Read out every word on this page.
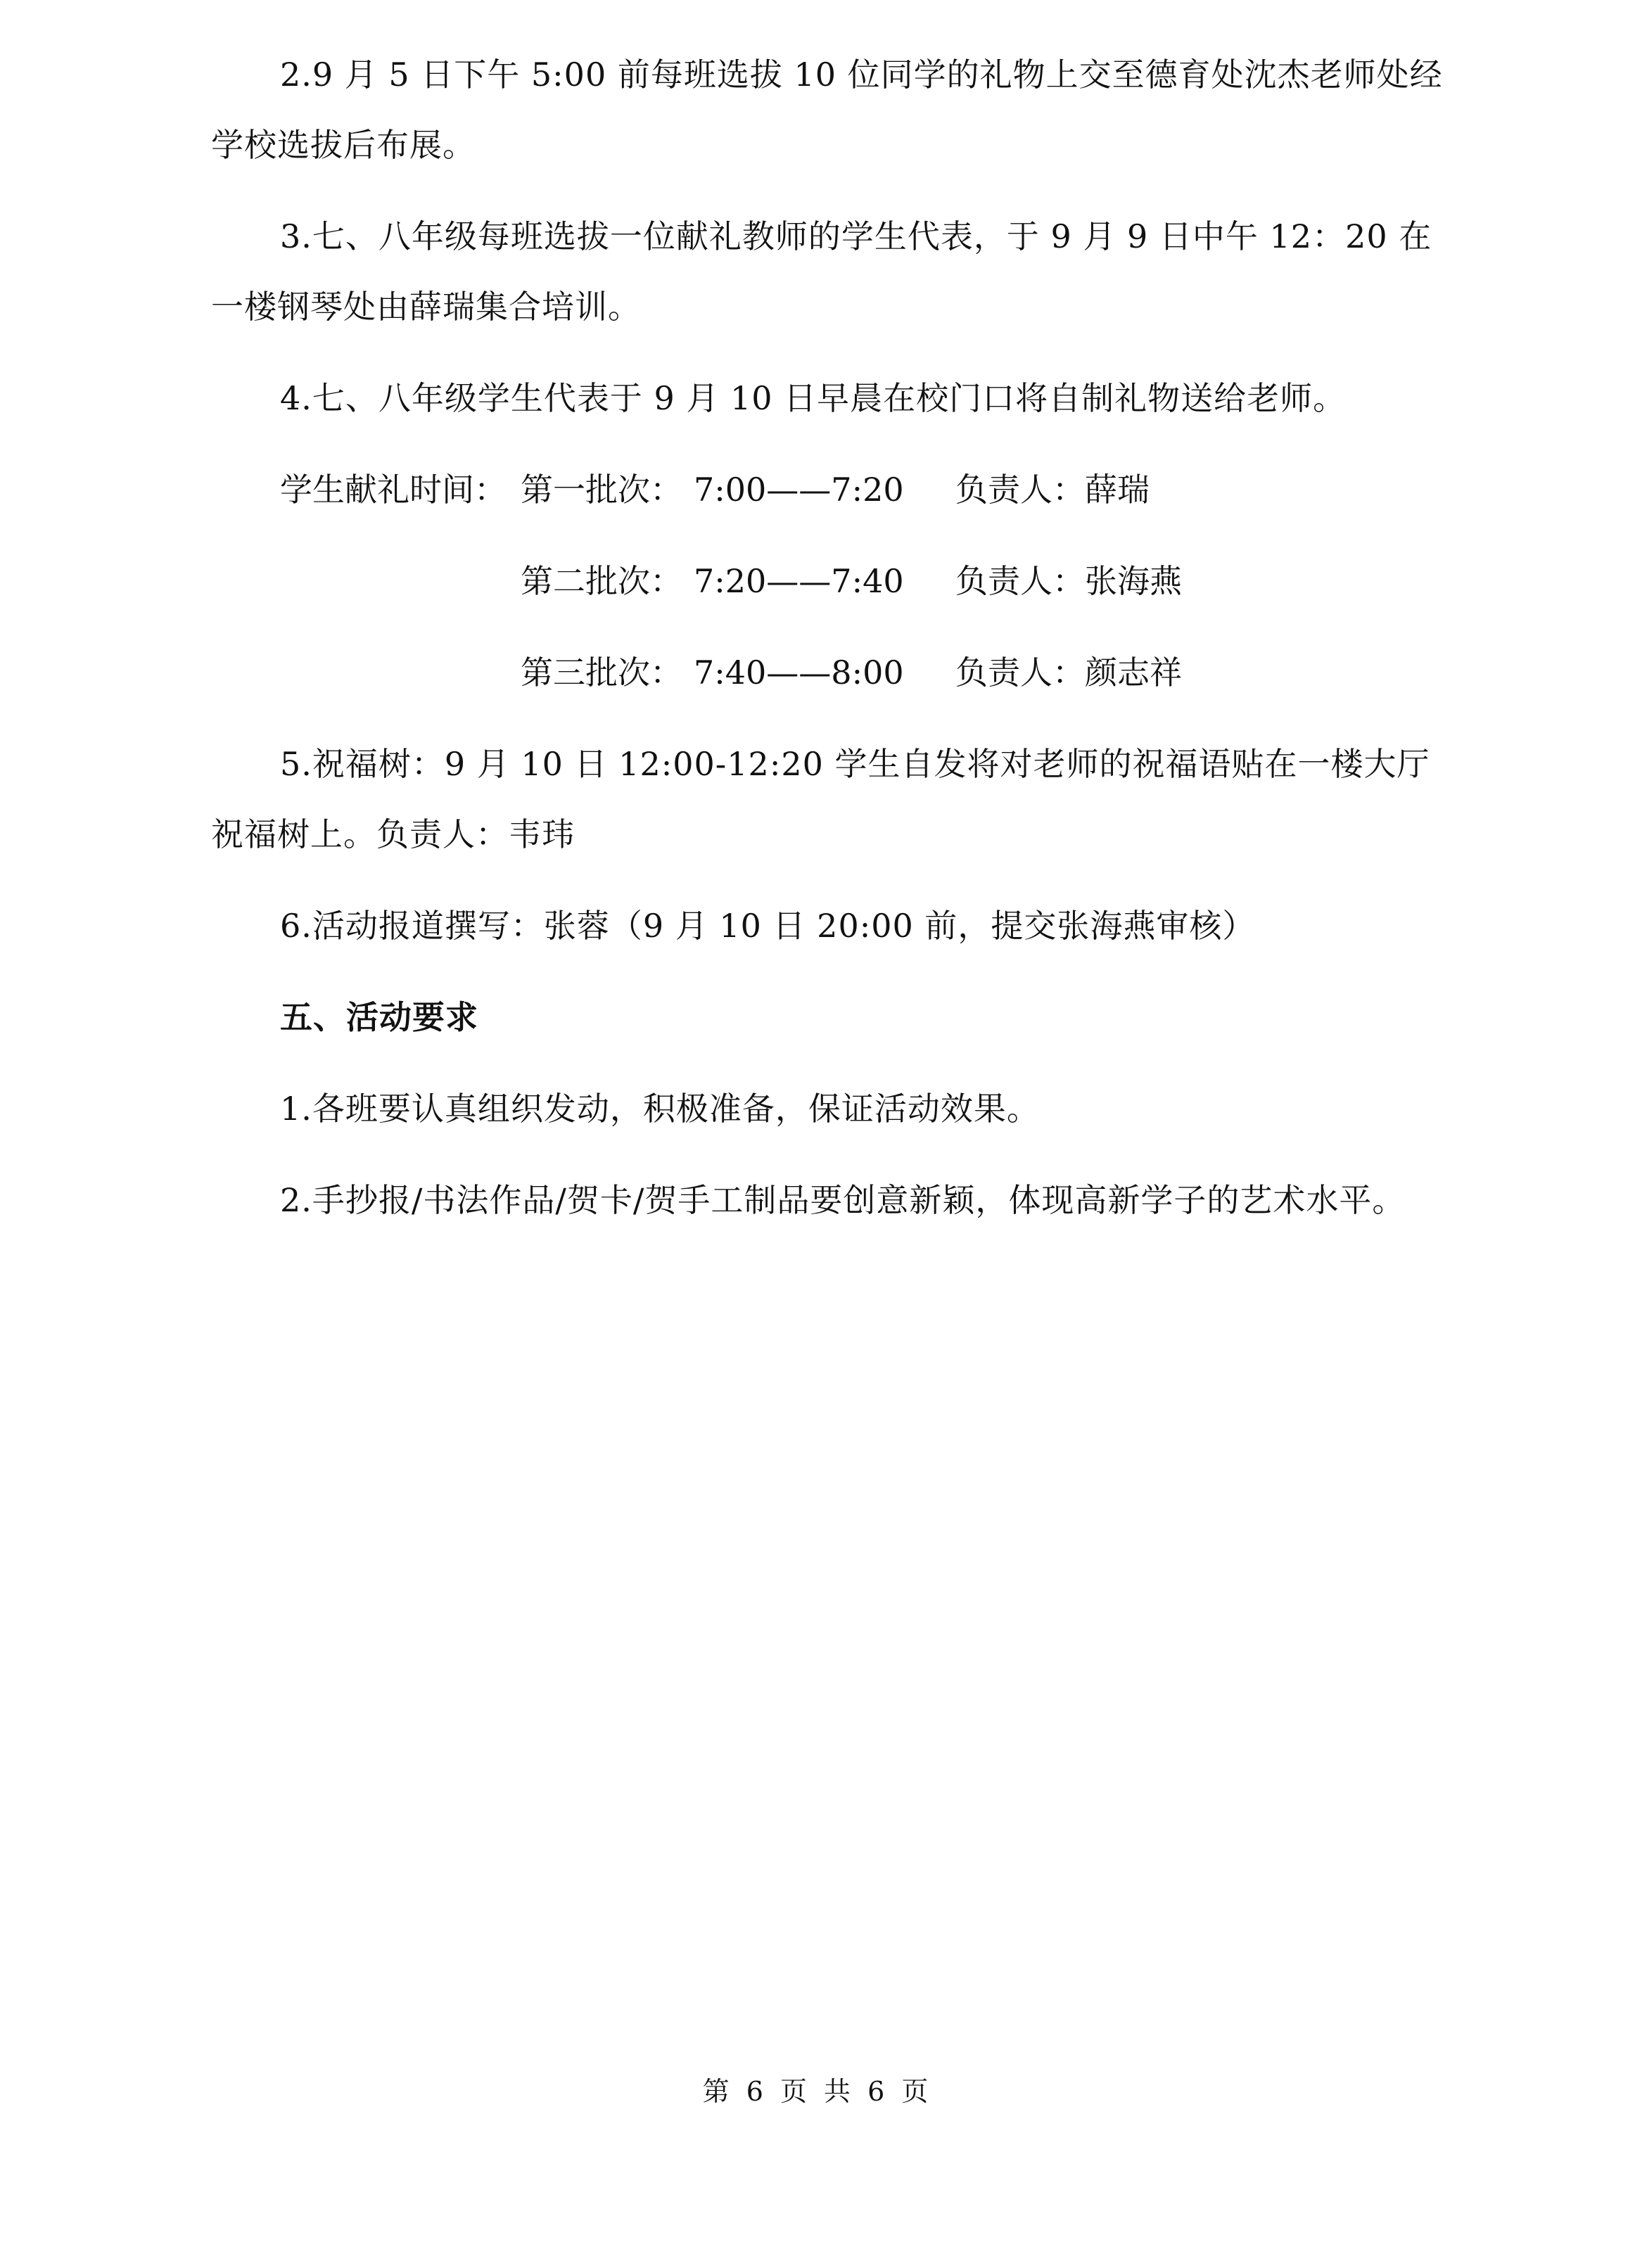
2.9 月 5 日下午 5:00 前每班选拔 10 位同学的礼物上交至德育处沈杰老师处经
学校选拔后布展。
3.七、八年级每班选拔一位献礼教师的学生代表，于 9 月 9 日中午 12：20 在
一楼钢琴处由薛瑞集合培训。
4.七、八年级学生代表于 9 月 10 日早晨在校门口将自制礼物送给老师。
学生献礼时间： 第一批次： 7:00——7:20 负责人：薛瑞
第二批次： 7:20——7:40 负责人：张海燕
第三批次： 7:40——8:00 负责人：颜志祥
5.祝福树：9 月 10 日 12:00-12:20 学生自发将对老师的祝福语贴在一楼大厅
祝福树上。负责人：韦玮
6.活动报道撰写：张蓉（9 月 10 日 20:00 前，提交张海燕审核）
五、活动要求
1.各班要认真组织发动，积极准备，保证活动效果。
2.手抄报/书法作品/贺卡/贺手工制品要创意新颖，体现高新学子的艺术水平。
第 6 页 共 6 页
